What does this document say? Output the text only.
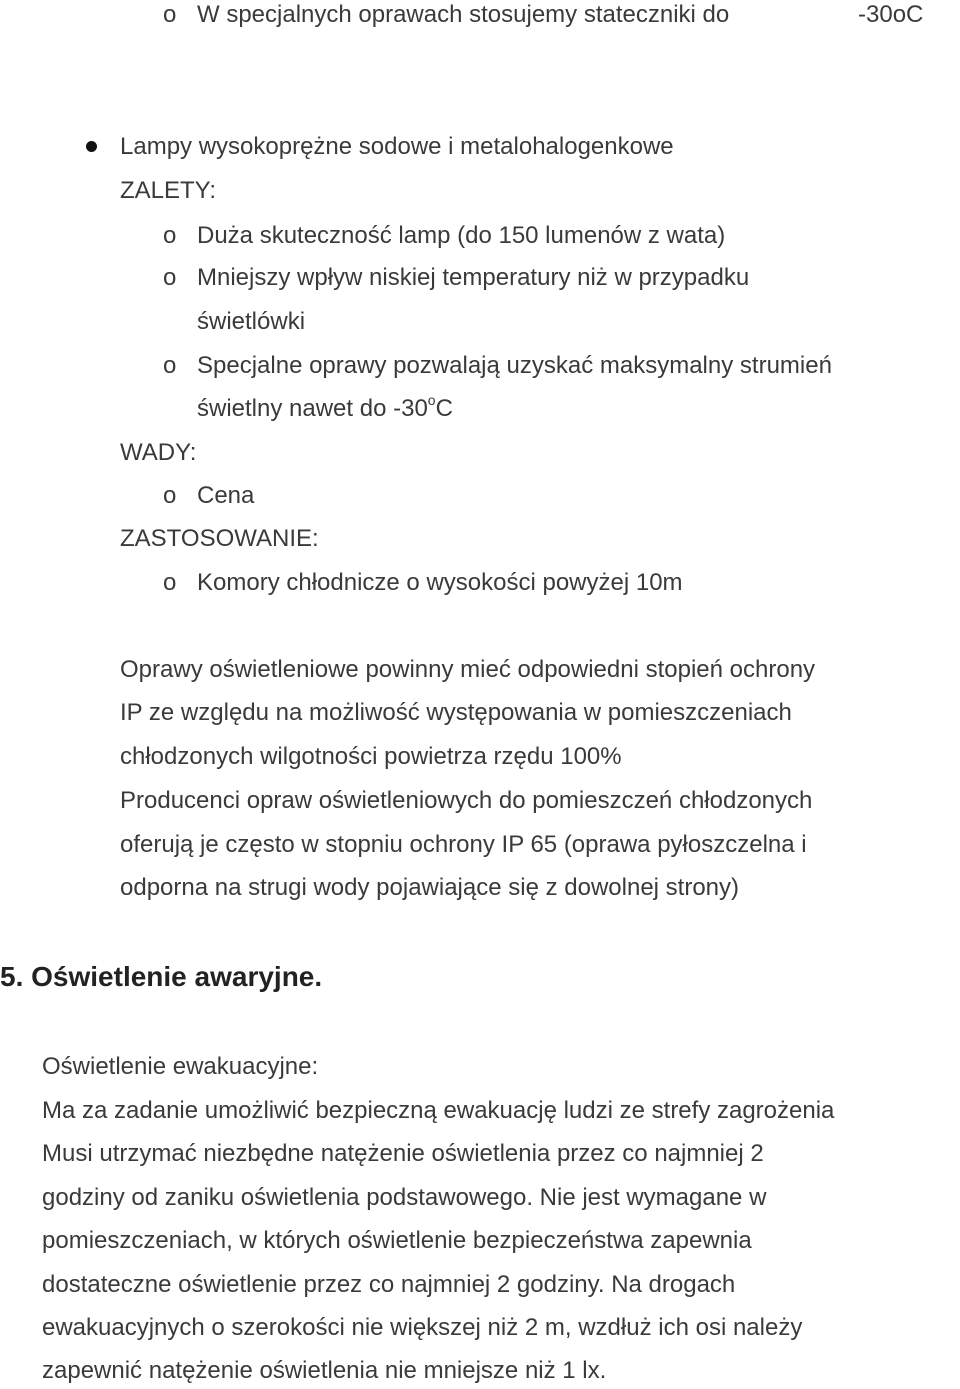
o W specjalnych oprawach stosujemy stateczniki do	-30oC
Lampy wysokoprężne sodowe i metalohalogenkowe
ZALETY:
o Duża skuteczność lamp (do 150 lumenów z wata)
o Mniejszy wpływ niskiej temperatury niż w przypadku
świetlówki
o Specjalne oprawy pozwalają uzyskać maksymalny strumień
świetlny nawet do -30$^o$C
WADY:
o Cena
ZASTOSOWANIE:
o Komory chłodnicze o wysokości powyżej 10m
Oprawy oświetleniowe powinny mieć odpowiedni stopień ochrony
IP ze względu na możliwość występowania w pomieszczeniach
chłodzonych wilgotności powietrza rzędu 100%
Producenci opraw oświetleniowych do pomieszczeń chłodzonych
oferują je często w stopniu ochrony IP 65 (oprawa pyłoszczelna i
odporna na strugi wody pojawiające się z dowolnej strony)
5. Oświetlenie awaryjne.
Oświetlenie ewakuacyjne:
Ma za zadanie umożliwić bezpieczną ewakuację ludzi ze strefy zagrożenia
Musi utrzymać niezbędne natężenie oświetlenia przez co najmniej 2
godziny od zaniku oświetlenia podstawowego. Nie jest wymagane w
pomieszczeniach, w których oświetlenie bezpieczeństwa zapewnia
dostateczne oświetlenie przez co najmniej 2 godziny. Na drogach
ewakuacyjnych o szerokości nie większej niż 2 m, wzdłuż ich osi należy
zapewnić natężenie oświetlenia nie mniejsze niż 1 lx.
